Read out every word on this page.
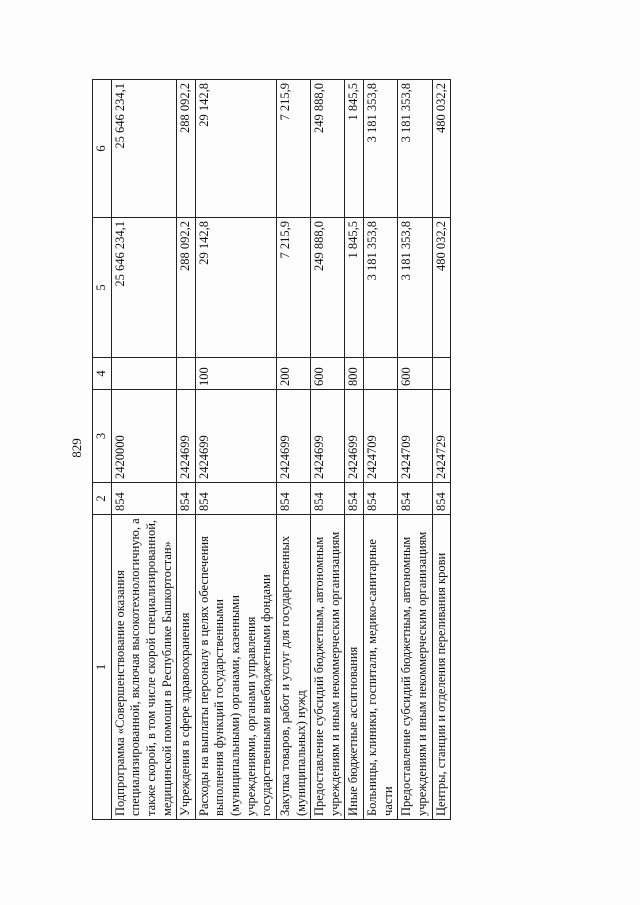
829
1	2	3	4	5	6
Подпрограмма «Совершенствование оказания специализированной, включая высокотехнологичную, а также скорой, в том числе скорой специализированной, медицинской помощи в Республике Башкортостан»	854	2420000		25 646 234,1	25 646 234,1
Учреждения в сфере здравоохранения	854	2424699		288 092,2	288 092,2
Расходы на выплаты персоналу в целях обеспечения выполнения функций государственными (муниципальными) органами, казенными учреждениями, органами управления государственными внебюджетными фондами	854	2424699	100	29 142,8	29 142,8
Закупка товаров, работ и услуг для государственных (муниципальных) нужд	854	2424699	200	7 215,9	7 215,9
Предоставление субсидий бюджетным, автономным учреждениям и иным некоммерческим организациям	854	2424699	600	249 888,0	249 888,0
Иные бюджетные ассигнования	854	2424699	800	1 845,5	1 845,5
Больницы, клиники, госпитали, медико-санитарные части	854	2424709		3 181 353,8	3 181 353,8
Предоставление субсидий бюджетным, автономным учреждениям и иным некоммерческим организациям	854	2424709	600	3 181 353,8	3 181 353,8
Центры, станции и отделения переливания крови	854	2424729		480 032,2	480 032,2
